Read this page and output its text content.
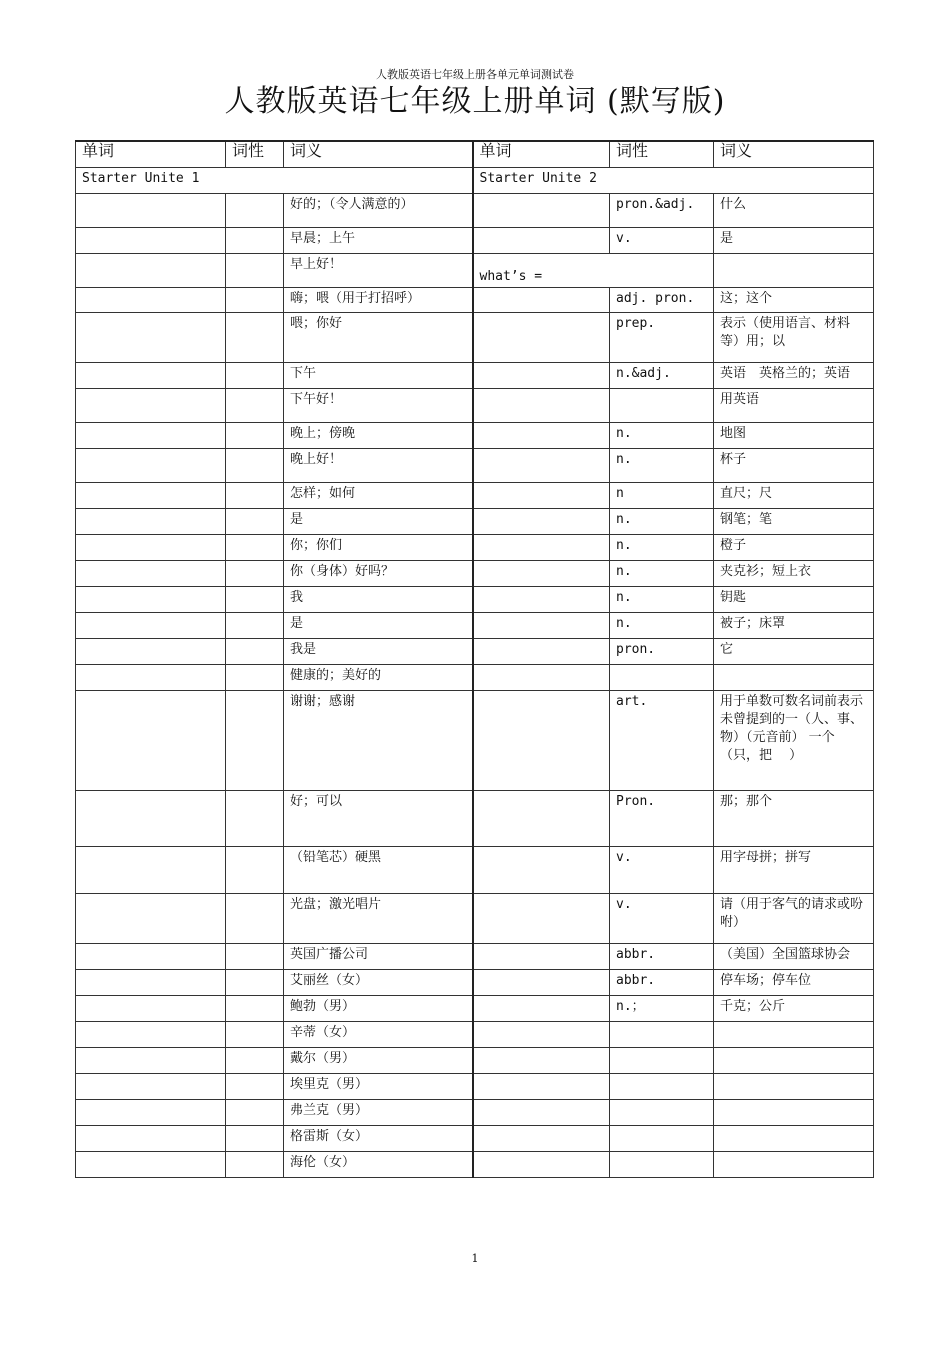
人教版英语七年级上册各单元单词测试卷
人教版英语七年级上册单词 (默写版)
单词	词性	词义	单词	词性	词义
Starter Unite 1			Starter Unite 2		
		好的；（令人满意的）		pron.&adj.	什么
		早晨；上午		v.	是
		早上好！	what’s =		
		嗨；喂（用于打招呼）		adj. pron.	这；这个
		喂；你好		prep.	表示（使用语言、材料等）用；以
		下午		n.&adj.	英语　英格兰的；英语
		下午好！			用英语
		晚上；傍晚		n.	地图
		晚上好！		n.	杯子
		怎样；如何		n	直尺；尺
		是		n.	钢笔；笔
		你；你们		n.	橙子
		你（身体）好吗？		n.	夹克衫；短上衣
		我		n.	钥匙
		是		n.	被子；床罩
		我是		pron.	它
		健康的；美好的			
		谢谢；感谢		art.	用于单数可数名词前表示未曾提到的一（人、事、物）（元音前） 一个（只，把　 ）
		好；可以		Pron.	那；那个
		（铅笔芯）硬黑		v.	用字母拼；拼写
		光盘；激光唱片		v.	请（用于客气的请求或吩咐）
		英国广播公司		abbr.	（美国）全国篮球协会
		艾丽丝（女）		abbr.	停车场；停车位
		鲍勃（男）		n.；	千克；公斤
		辛蒂（女）			
		戴尔（男）			
		埃里克（男）			
		弗兰克（男）			
		格雷斯（女）			
		海伦（女）			
1
